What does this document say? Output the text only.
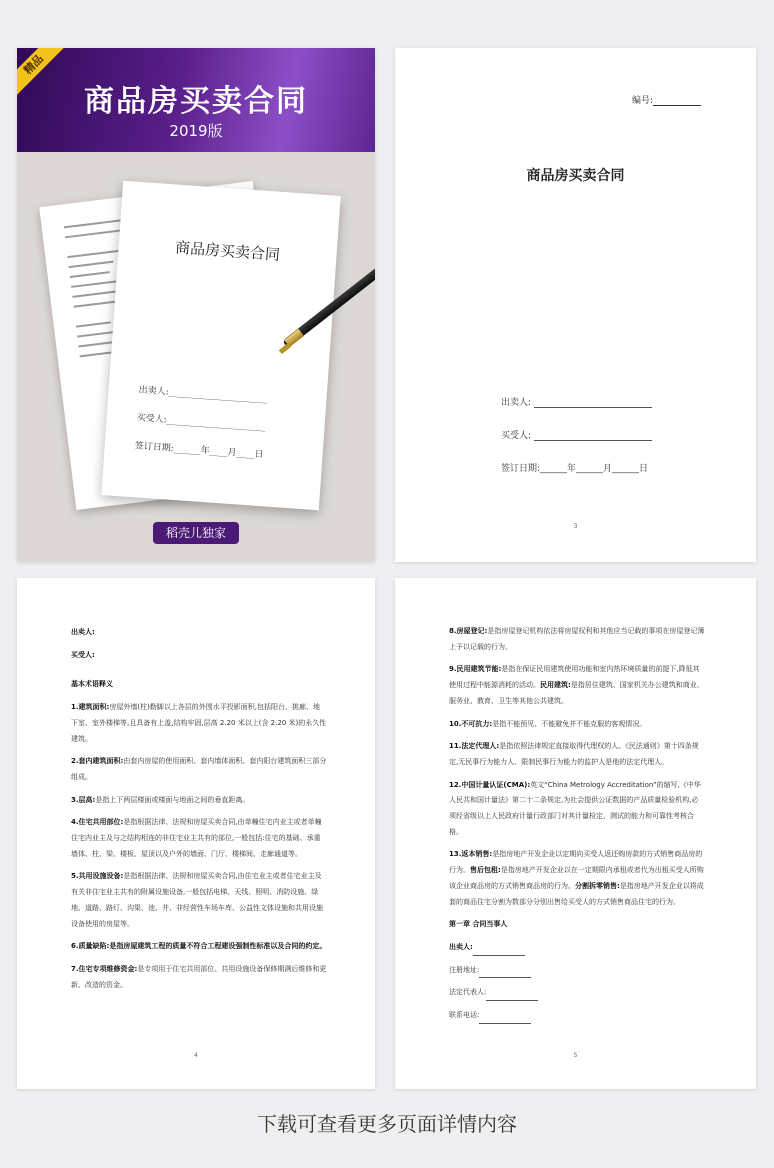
精品
商品房买卖合同
2019版
商品房买卖合同
出卖人:______________________
买受人:______________________
签订日期:______年____月____日
稻壳儿独家
编号:
商品房买卖合同
出卖人:
买受人:
签订日期:______年______月______日
3

出卖人:

买受人:

基本术语释义

1.建筑面积:房屋外墙(柱)勒脚以上各层的外围水平投影面积,包括阳台、挑廊、地下室、室外楼梯等,且具备有上盖,结构牢固,层高 2.20 米以上(含 2.20 米)的永久性建筑。

2.套内建筑面积:由套内房屋的使用面积、套内墙体面积、套内阳台建筑面积三部分组成。

3.层高:是指上下两层楼面或楼面与地面之间的垂直距离。

4.住宅共用部位:是指根据法律、法规和房屋买卖合同,由单幢住宅内业主或者单幢住宅内业主及与之结构相连的非住宅业主共有的部位,一般包括:住宅的基础、承重墙体、柱、梁、楼板、屋顶以及户外的墙面、门厅、楼梯间、走廊通道等。

5.共用设施设备:是指根据法律、法规和房屋买卖合同,由住宅业主或者住宅业主及有关非住宅业主共有的附属设施设备,一般包括电梯、天线、照明、消防设施、绿地、道路、路灯、沟渠、池、井、非经营性车场车库、公益性文体设施和共用设施设备使用的房屋等。

6.质量缺陷:是指房屋建筑工程的质量不符合工程建设强制性标准以及合同的约定。

7.住宅专项维修资金:是专项用于住宅共用部位、共用设施设备保修期满后维修和更新、改造的资金。

4

8.房屋登记:是指房屋登记机构依法将房屋权利和其他应当记载的事项在房屋登记簿上予以记载的行为。

9.民用建筑节能:是指在保证民用建筑使用功能和室内热环境质量的前提下,降低其使用过程中能源消耗的活动。民用建筑:是指居住建筑、国家机关办公建筑和商业、服务业、教育、卫生等其他公共建筑。

10.不可抗力:是指不能预见、不能避免并不能克服的客观情况。

11.法定代理人:是指依照法律规定直接取得代理权的人。《民法通则》第十四条规定,无民事行为能力人、限制民事行为能力的监护人是他的法定代理人。

12.中国计量认证(CMA):英文“China Metrology Accreditation”的缩写,《中华人民共和国计量法》第二十二条规定,为社会提供公证数据的产品质量检验机构,必须经省级以上人民政府计量行政部门对其计量检定、测试的能力和可靠性考核合格。

13.返本销售:是指房地产开发企业以定期向买受人返还购房款的方式销售商品房的行为。售后包租:是指房地产开发企业以在一定期限内承租或者代为出租买受人所购该企业商品房的方式销售商品房的行为。分割拆零销售:是指房地产开发企业以将成套的商品住宅分割为数部分分别出售给买受人的方式销售商品住宅的行为。

第一章 合同当事人

出卖人:

注册地址:

法定代表人:

联系电话:

5
下载可查看更多页面详情内容
